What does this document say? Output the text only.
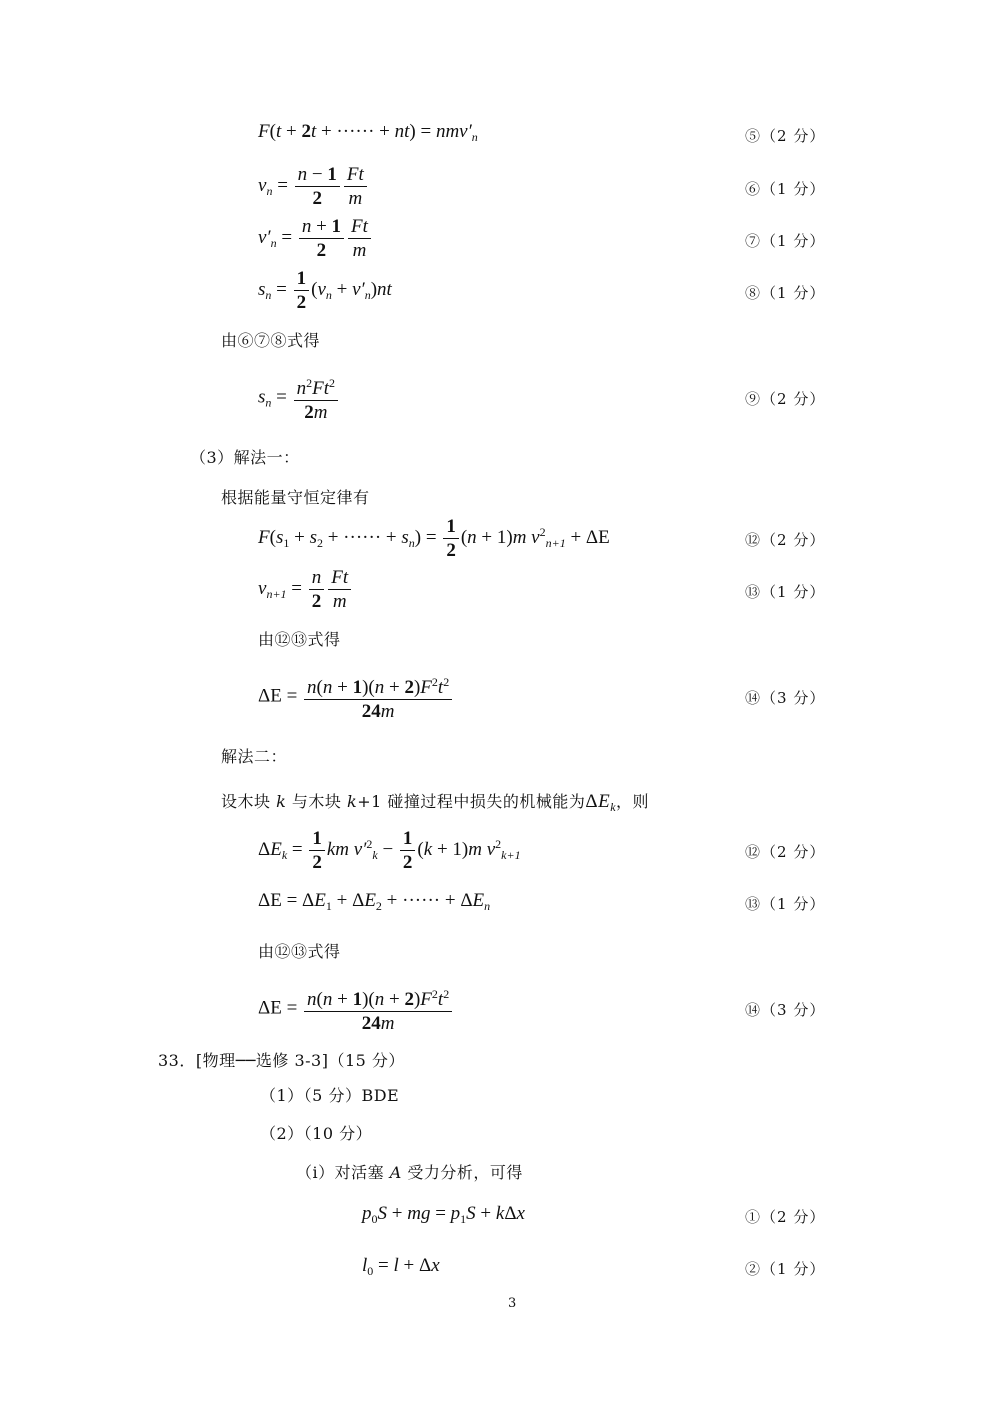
F(t + 2t + ······ + $nt) = nmv'_n$	⑤（2 分）
$v_n = \frac{n - 1}{2} \frac{Ft}{m}$	⑥（1 分）
$v'_n = \frac{n + 1}{2} \frac{Ft}{m}$	⑦（1 分）
$s_n = \frac{1}{2} (v_n + v'_n)nt$	⑧（1 分）
由⑥⑦⑧式得
$s_n = \frac{n^2Ft^2}{2m}$	⑨（2 分）
（3）解法一：
根据能量守恒定律有
$F(s_1 + s_2$ + ······ + $s_n) = \frac{1}{2} (n + 1)m$ $v^2_{n+1} + \Delta E$	⑫（2 分）
$v_{n+1} = \frac{n}{2} \frac{Ft}{m}$	⑬（1 分）
由⑫⑬式得
$\Delta E = \frac{n(n + 1)(n + 2)F^2t^2}{24m}$	⑭（3 分）
解法二：
设木块 k 与木块 k+1 碰撞过程中损失的机械能为$\Delta E_k$，则
$\Delta E_k = \frac{1}{2}$ km $v'^2_k - \frac{1}{2} (k + 1)m$ $v^2_{k+1}$	⑫（2 分）
$\Delta E = \Delta E_1 + \Delta E_2$ + ······ + $\Delta E_n$	⑬（1 分）
由⑫⑬式得
$\Delta E = \frac{n(n + 1)(n + 2)F^2t^2}{24m}$	⑭（3 分）
33．[物理──选修 3-3]（15 分）
（1）（5 分）BDE
（2）（10 分）
（i）对活塞 A 受力分析，可得
$p_0S$ + mg = $p_1S + k\Delta x$	①（2 分）
$l_0 = l + \Delta x$	②（1 分）
3
